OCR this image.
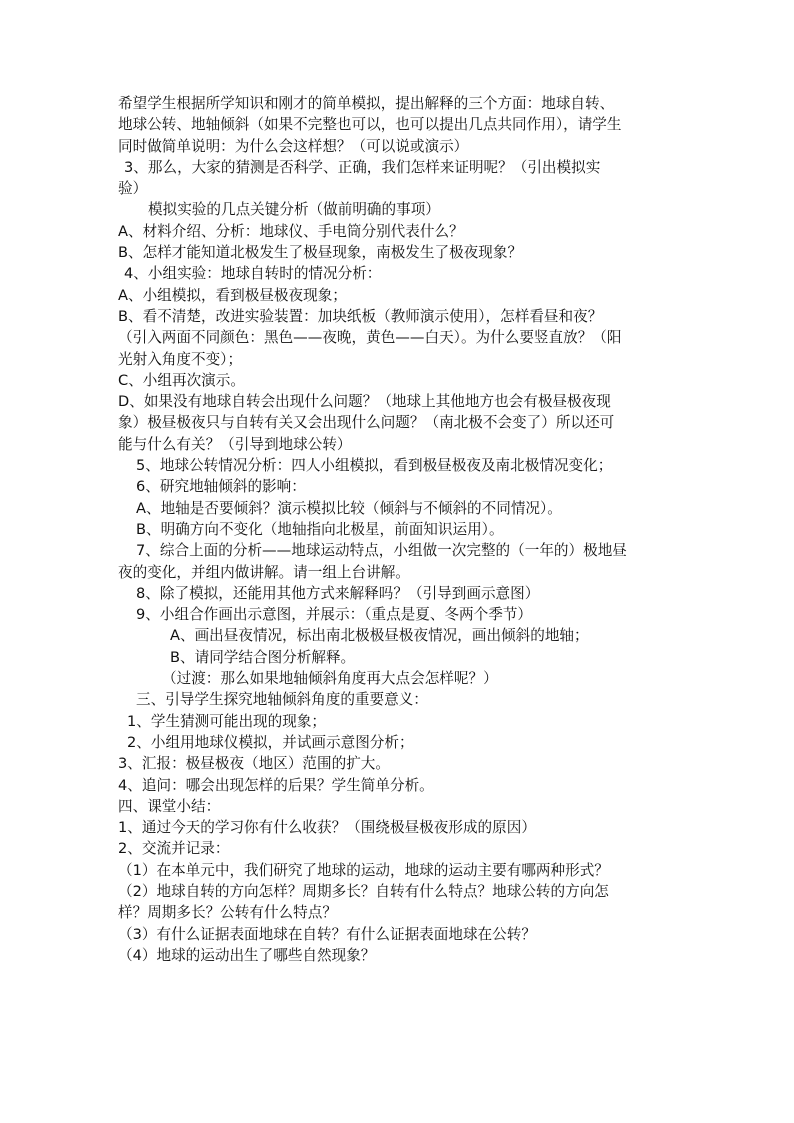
希望学生根据所学知识和刚才的简单模拟，提出解释的三个方面：地球自转、
地球公转、地轴倾斜（如果不完整也可以，也可以提出几点共同作用），请学生
同时做简单说明：为什么会这样想？（可以说或演示）
3、那么，大家的猜测是否科学、正确，我们怎样来证明呢？（引出模拟实
验）
模拟实验的几点关键分析（做前明确的事项）
A、材料介绍、分析：地球仪、手电筒分别代表什么？
B、怎样才能知道北极发生了极昼现象，南极发生了极夜现象？
4、小组实验：地球自转时的情况分析：
A、小组模拟，看到极昼极夜现象；
B、看不清楚，改进实验装置：加块纸板（教师演示使用），怎样看昼和夜？
（引入两面不同颜色：黑色——夜晚，黄色——白天）。为什么要竖直放？（阳
光射入角度不变）；
C、小组再次演示。
D、如果没有地球自转会出现什么问题？（地球上其他地方也会有极昼极夜现
象）极昼极夜只与自转有关又会出现什么问题？（南北极不会变了）所以还可
能与什么有关？（引导到地球公转）
5、地球公转情况分析：四人小组模拟，看到极昼极夜及南北极情况变化；
6、研究地轴倾斜的影响：
A、地轴是否要倾斜？演示模拟比较（倾斜与不倾斜的不同情况）。
B、明确方向不变化（地轴指向北极星，前面知识运用）。
7、综合上面的分析——地球运动特点，小组做一次完整的（一年的）极地昼
夜的变化，并组内做讲解。请一组上台讲解。
8、除了模拟，还能用其他方式来解释吗？（引导到画示意图）
9、小组合作画出示意图，并展示：（重点是夏、冬两个季节）
A、画出昼夜情况，标出南北极极昼极夜情况，画出倾斜的地轴；
B、请同学结合图分析解释。
（过渡：那么如果地轴倾斜角度再大点会怎样呢？）
三、引导学生探究地轴倾斜角度的重要意义：
1、学生猜测可能出现的现象；
2、小组用地球仪模拟，并试画示意图分析；
3、汇报：极昼极夜（地区）范围的扩大。
4、追问：哪会出现怎样的后果？学生简单分析。
四、课堂小结：
1、通过今天的学习你有什么收获？（围绕极昼极夜形成的原因）
2、交流并记录：
（1）在本单元中，我们研究了地球的运动，地球的运动主要有哪两种形式？
（2）地球自转的方向怎样？周期多长？自转有什么特点？地球公转的方向怎
样？周期多长？公转有什么特点？
（3）有什么证据表面地球在自转？有什么证据表面地球在公转？
（4）地球的运动出生了哪些自然现象？
